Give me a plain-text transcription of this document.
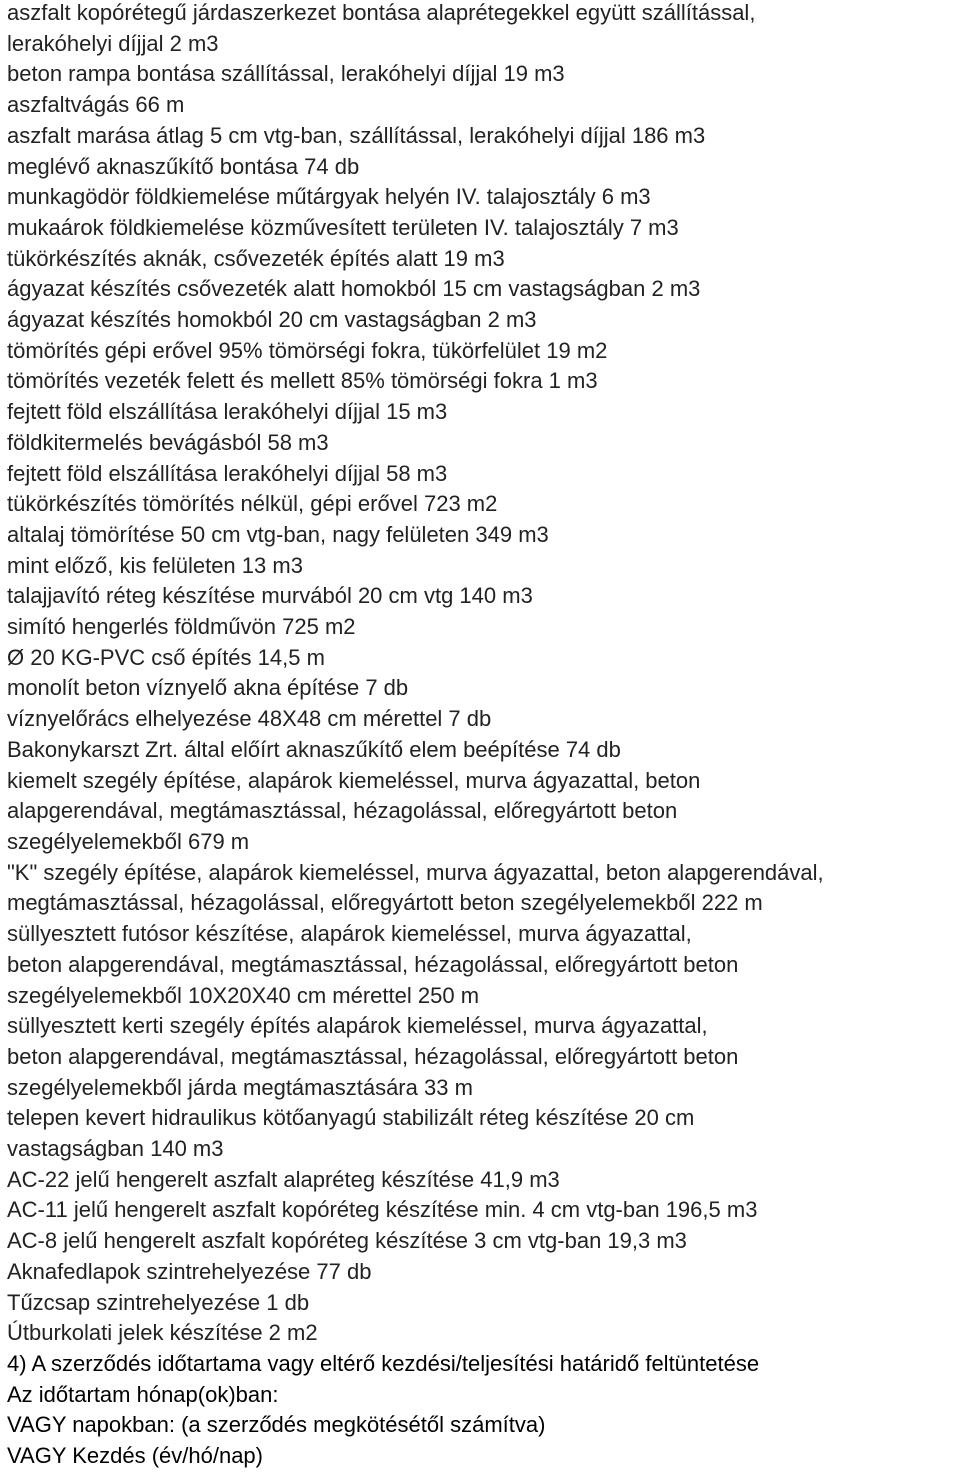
aszfalt kopórétegű járdaszerkezet bontása alaprétegekkel együtt szállítással,
lerakóhelyi díjjal 2 m3
beton rampa bontása szállítással, lerakóhelyi díjjal 19 m3
aszfaltvágás 66 m
aszfalt marása átlag 5 cm vtg-ban, szállítással, lerakóhelyi díjjal 186 m3
meglévő aknaszűkítő bontása 74 db
munkagödör földkiemelése műtárgyak helyén IV. talajosztály 6 m3
mukaárok földkiemelése közművesített területen IV. talajosztály 7 m3
tükörkészítés aknák, csővezeték építés alatt 19 m3
ágyazat készítés csővezeték alatt homokból 15 cm vastagságban 2 m3
ágyazat készítés homokból 20 cm vastagságban 2 m3
tömörítés gépi erővel 95% tömörségi fokra, tükörfelület 19 m2
tömörítés vezeték felett és mellett 85% tömörségi fokra 1 m3
fejtett föld elszállítása lerakóhelyi díjjal 15 m3
földkitermelés bevágásból 58 m3
fejtett föld elszállítása lerakóhelyi díjjal 58 m3
tükörkészítés tömörítés nélkül, gépi erővel 723 m2
altalaj tömörítése 50 cm vtg-ban, nagy felületen 349 m3
mint előző, kis felületen 13 m3
talajjavító réteg készítése murvából 20 cm vtg 140 m3
simító hengerlés földművön 725 m2
Ø 20 KG-PVC cső építés 14,5 m
monolít beton víznyelő akna építése 7 db
víznyelőrács elhelyezése 48X48 cm mérettel 7 db
Bakonykarszt Zrt. által előírt aknaszűkítő elem beépítése 74 db
kiemelt szegély építése, alapárok kiemeléssel, murva ágyazattal, beton
alapgerendával, megtámasztással, hézagolással, előregyártott beton
szegélyelemekből 679 m
"K" szegély építése, alapárok kiemeléssel, murva ágyazattal, beton alapgerendával,
megtámasztással, hézagolással, előregyártott beton szegélyelemekből 222 m
süllyesztett futósor készítése, alapárok kiemeléssel, murva ágyazattal,
beton alapgerendával, megtámasztással, hézagolással, előregyártott beton
szegélyelemekből 10X20X40 cm mérettel 250 m
süllyesztett kerti szegély építés alapárok kiemeléssel, murva ágyazattal,
beton alapgerendával, megtámasztással, hézagolással, előregyártott beton
szegélyelemekből járda megtámasztására 33 m
telepen kevert hidraulikus kötőanyagú stabilizált réteg készítése 20 cm
vastagságban 140 m3
AC-22 jelű hengerelt aszfalt alapréteg készítése 41,9 m3
AC-11 jelű hengerelt aszfalt kopóréteg készítése min. 4 cm vtg-ban 196,5 m3
AC-8 jelű hengerelt aszfalt kopóréteg készítése 3 cm vtg-ban 19,3 m3
Aknafedlapok szintrehelyezése 77 db
Tűzcsap szintrehelyezése 1 db
Útburkolati jelek készítése 2 m2
4) A szerződés időtartama vagy eltérő kezdési/teljesítési határidő feltüntetése
Az időtartam hónap(ok)ban:
VAGY napokban: (a szerződés megkötésétől számítva)
VAGY Kezdés (év/hó/nap)
